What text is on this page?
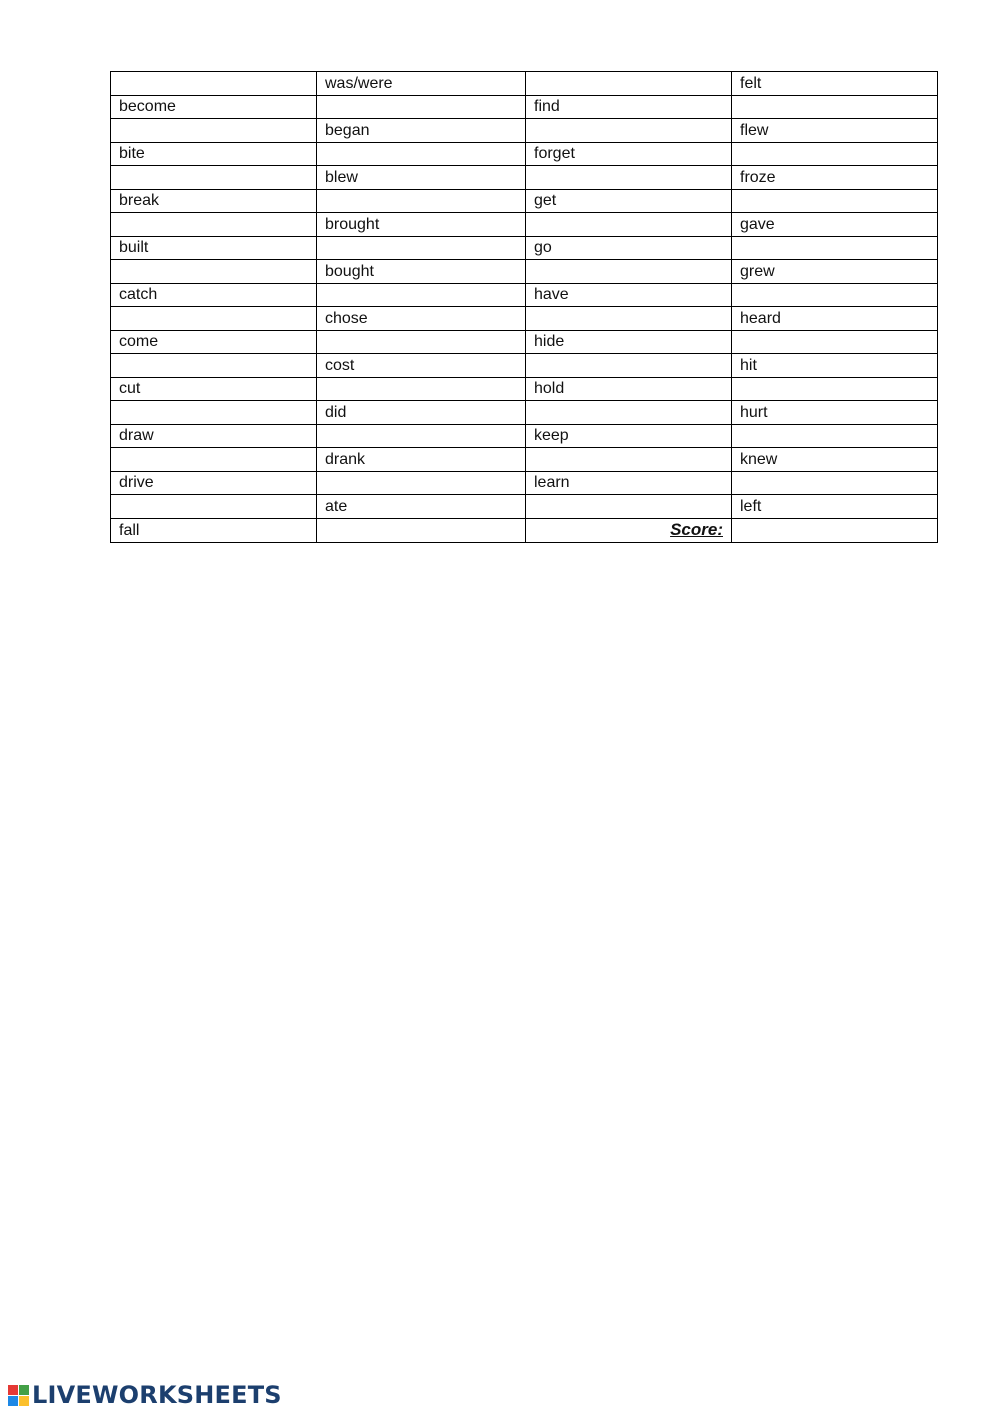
	was/were		felt
become		find	
	began		flew
bite		forget	
	blew		froze
break		get	
	brought		gave
built		go	
	bought		grew
catch		have	
	chose		heard
come		hide	
	cost		hit
cut		hold	
	did		hurt
draw		keep	
	drank		knew
drive		learn	
	ate		left
fall		Score:	
LIVEWORKSHEETS
